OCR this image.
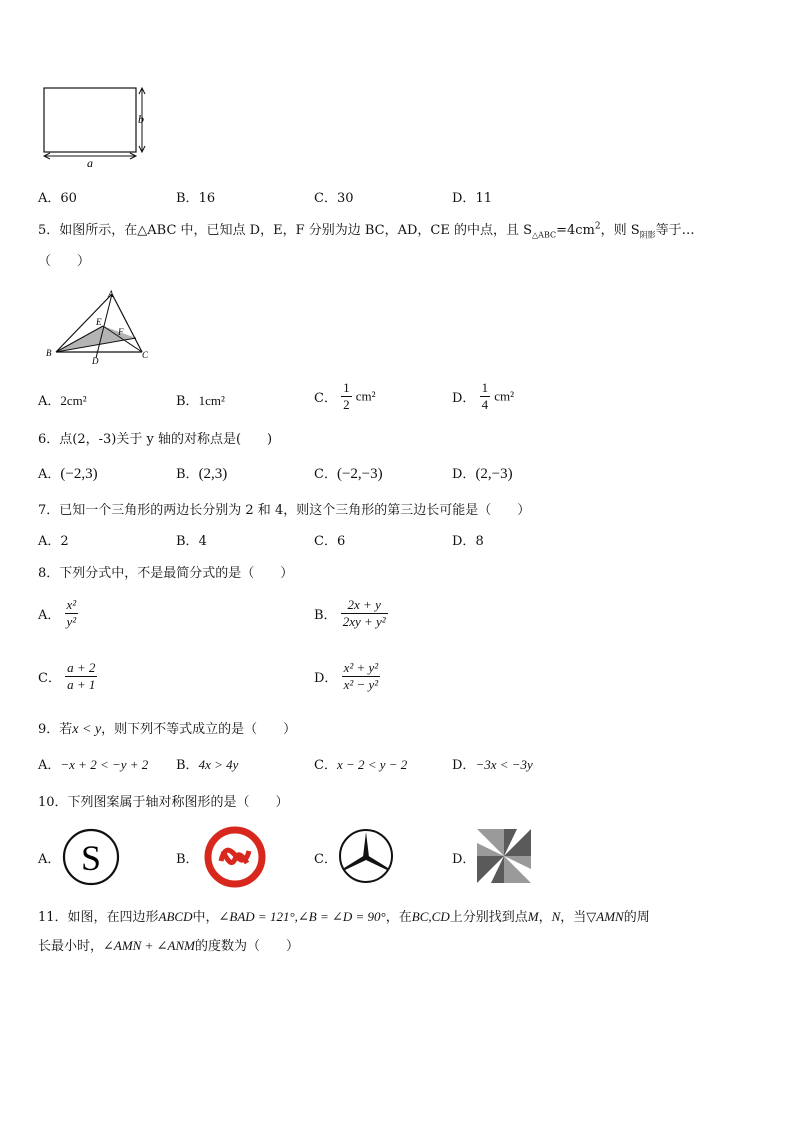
a
b
A．60	B．16	C．30	D．11
5．如图所示，在△ABC 中，已知点 D，E，F 分别为边 BC，AD，CE 的中点，且 $S_{\triangle ABC}=4cm^2$，则 $S_{阴影}$等于…
（　　）
A
B	C
D
E
F
A．2cm²	B．1cm²	C． $\frac{1}{2} cm^2$	D． $\frac{1}{4} cm^2$
6．点(2，-3)关于 y 轴的对称点是(　　)
A．(−2,3)	B．(2,3)	C．(−2,−3)	D．(2,−3)
7．已知一个三角形的两边长分别为 2 和 4，则这个三角形的第三边长可能是（　　）
A．2	B．4	C．6	D．8
8．下列分式中，不是最简分式的是（　　）
A． $\frac{\text{x²}}{\text{y²}}$	B． $\frac{2x + y}{\text{2xy + y²}}$
C． $\frac{a + 2}{a + 1}$	D． $\frac{\text{x² + y²}}{\text{x² − y²}}$
9．若x < y，则下列不等式成立的是（　　）
A．−x + 2 < −y + 2 B．4x > 4y	C．x − 2 < y − 2	D．−3x < −3y
10．下列图案属于轴对称图形的是（　　）
A． S	B．	C．	D．
11．如图，在四边形ABCD中，∠BAD = 121°,∠B = ∠D = 90°，在BC,CD上分别找到点M，N，当▽AMN的周
长最小时，∠AMN + ∠ANM的度数为（　　）
